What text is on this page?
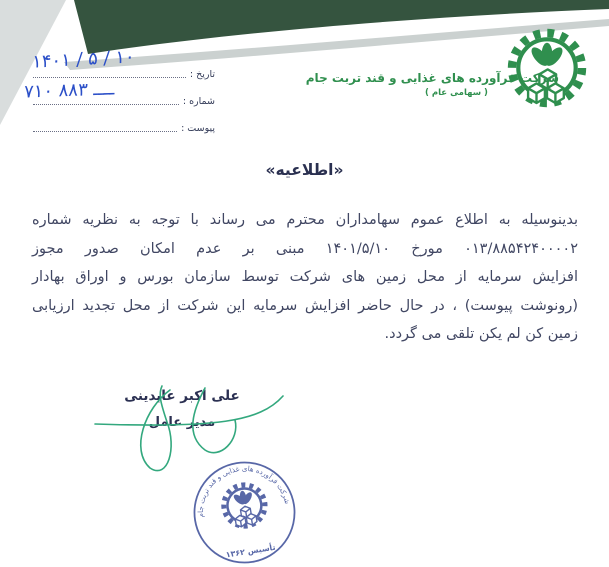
شرکت فرآورده های غذایی و قند تربت جام
( سهامی عام )
تاریخ :
شماره :
پیوست :
۱۴۰۱ / ۵ / ۱۰
۷۱۰ ــــ ۸۸۳
«اطلاعیه»
بدینوسیله به اطلاع عموم سهامداران محترم می رساند با توجه به نظریه شماره
۰۱۳/۸۸۵۴۲۴۰۰۰۰۲ مورخ ۱۴۰۱/۵/۱۰ مبنی بر عدم امکان صدور مجوز
افزایش سرمایه از محل زمین های شرکت توسط سازمان بورس و اوراق بهادار
(رونوشت پیوست) ، در حال حاضر افزایش سرمایه این شرکت از محل تجدید ارزیابی
زمین کن لم یکن تلقی می گردد.
علی اکبر عابدینی
مدیر عامل
شرکت فرآورده های غذایی و قند تربت جام
تأسیس ۱۳۶۲
